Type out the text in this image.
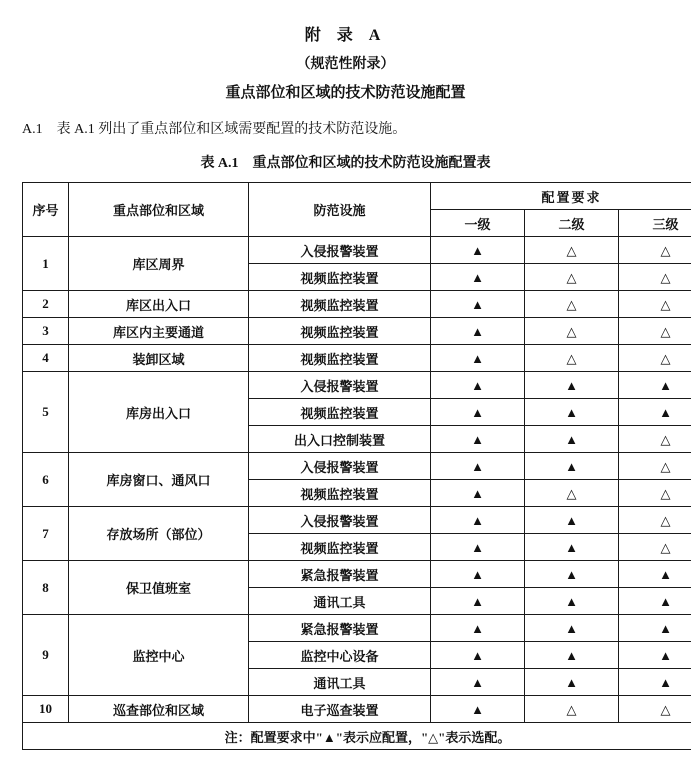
附 录 A
（规范性附录）
重点部位和区域的技术防范设施配置

A.1　表 A.1 列出了重点部位和区域需要配置的技术防范设施。

表 A.1　重点部位和区域的技术防范设施配置表
序号	重点部位和区域	防范设施	配置要求		
			一级	二级	三级
1	库区周界	入侵报警装置	▲	△	△
		视频监控装置	▲	△	△
2	库区出入口	视频监控装置	▲	△	△
3	库区内主要通道	视频监控装置	▲	△	△
4	装卸区域	视频监控装置	▲	△	△
5	库房出入口	入侵报警装置	▲	▲	▲
		视频监控装置	▲	▲	▲
		出入口控制装置	▲	▲	△
6	库房窗口、通风口	入侵报警装置	▲	▲	△
		视频监控装置	▲	△	△
7	存放场所（部位）	入侵报警装置	▲	▲	△
		视频监控装置	▲	▲	△
8	保卫值班室	紧急报警装置	▲	▲	▲
		通讯工具	▲	▲	▲
9	监控中心	紧急报警装置	▲	▲	▲
		监控中心设备	▲	▲	▲
		通讯工具	▲	▲	▲
10	巡查部位和区域	电子巡查装置	▲	△	△
注：配置要求中"▲"表示应配置，"△"表示选配。					
